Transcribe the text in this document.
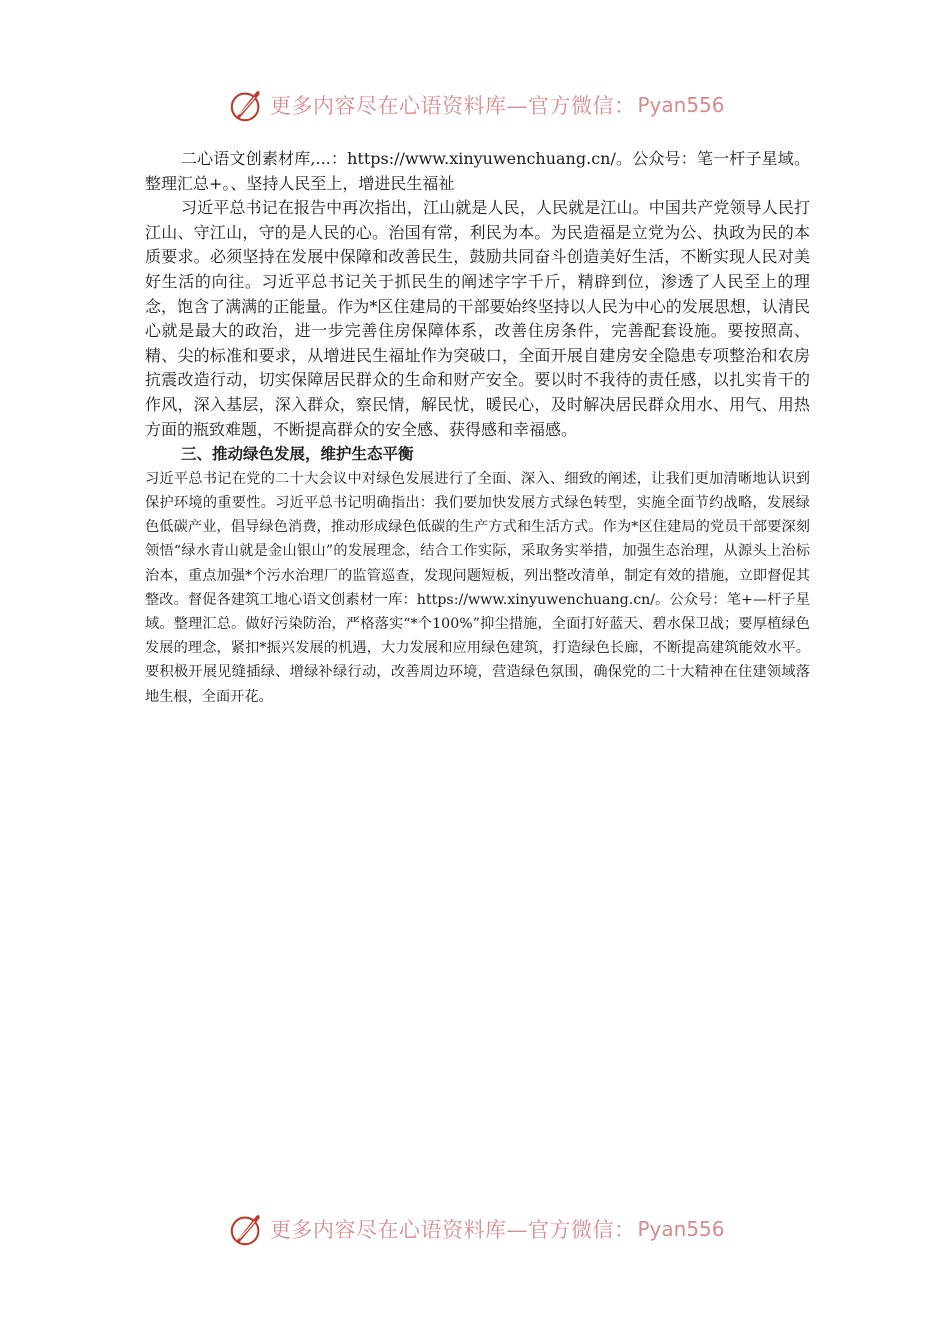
更多内容尽在心语资料库—官方微信： Pyan556

二心语文创素材库,...：https://www.xinyuwenchuang.cn/。公众号：笔一杆子星域。整理汇总+。、坚持人民至上，增进民生福祉

习近平总书记在报告中再次指出，江山就是人民，人民就是江山。中国共产党领导人民打江山、守江山，守的是人民的心。治国有常，利民为本。为民造福是立党为公、执政为民的本质要求。必须坚持在发展中保障和改善民生，鼓励共同奋斗创造美好生活，不断实现人民对美好生活的向往。习近平总书记关于抓民生的阐述字字千斤，精辟到位，渗透了人民至上的理念，饱含了满满的正能量。作为*区住建局的干部要始终坚持以人民为中心的发展思想，认清民心就是最大的政治，进一步完善住房保障体系，改善住房条件，完善配套设施。要按照高、精、尖的标准和要求，从增进民生福址作为突破口，全面开展自建房安全隐患专项整治和农房抗震改造行动，切实保障居民群众的生命和财产安全。要以时不我待的责任感，以扎实肯干的作风，深入基层，深入群众，察民情，解民忧，暖民心，及时解决居民群众用水、用气、用热方面的瓶致难题，不断提高群众的安全感、获得感和幸福感。

三、推动绿色发展，维护生态平衡

习近平总书记在党的二十大会议中对绿色发展进行了全面、深入、细致的阐述，让我们更加清晰地认识到保护环境的重要性。习近平总书记明确指出：我们要加快发展方式绿色转型，实施全面节约战略，发展绿色低碳产业，倡导绿色消费，推动形成绿色低碳的生产方式和生活方式。作为*区住建局的党员干部要深刻领悟“绿水青山就是金山银山”的发展理念，结合工作实际，采取务实举措，加强生态治理，从源头上治标治本，重点加强*个污水治理厂的监管巡查，发现问题短板，列出整改清单，制定有效的措施，立即督促其整改。督促各建筑工地心语文创素材一库：https://www.xinyuwenchuang.cn/。公众号：笔+—杆子星域。整理汇总。做好污染防治，严格落实“*个100%”抑尘措施，全面打好蓝天、碧水保卫战；要厚植绿色发展的理念，紧扣*振兴发展的机遇，大力发展和应用绿色建筑，打造绿色长廊，不断提高建筑能效水平。要积极开展见缝插绿、增绿补绿行动，改善周边环境，营造绿色氛围，确保党的二十大精神在住建领域落地生根，全面开花。

更多内容尽在心语资料库—官方微信： Pyan556
